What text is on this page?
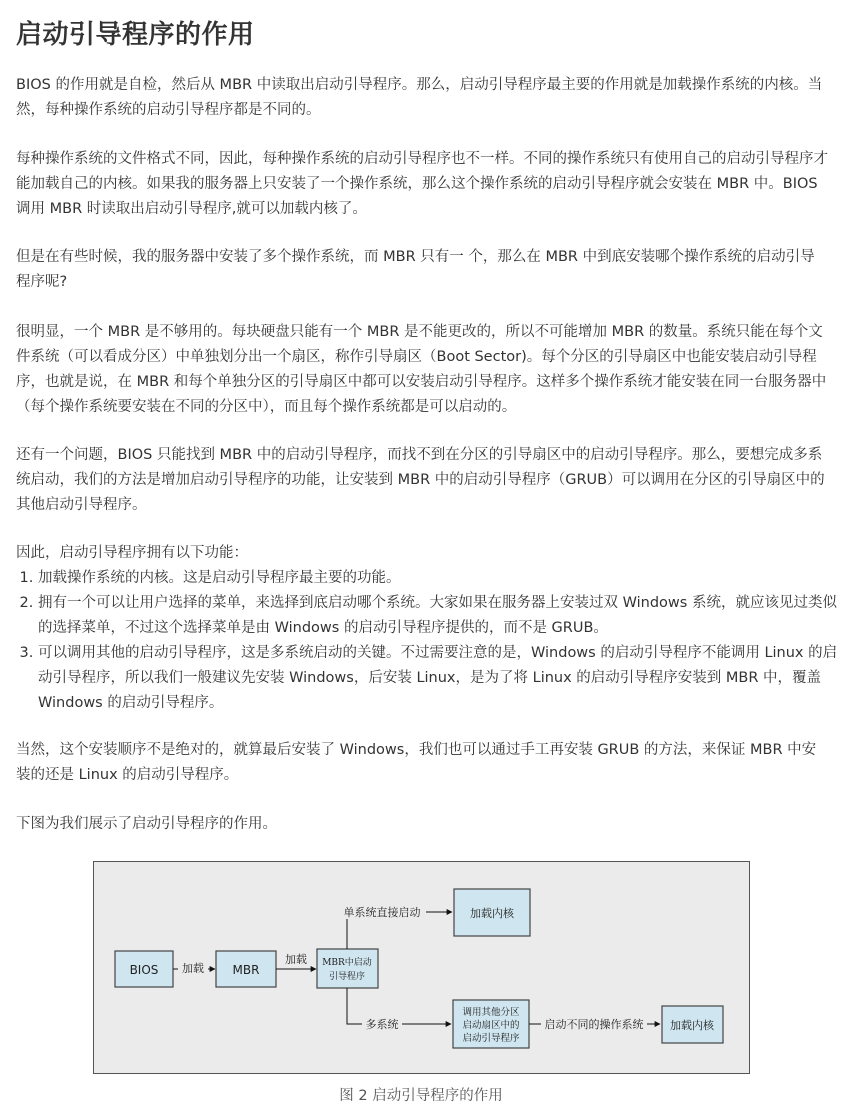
启动引导程序的作用

BIOS 的作用就是自检，然后从 MBR 中读取出启动引导程序。那么，启动引导程序最主要的作用就是加载操作系统的内核。当然，每种操作系统的启动引导程序都是不同的。

每种操作系统的文件格式不同，因此，每种操作系统的启动引导程序也不一样。不同的操作系统只有使用自己的启动引导程序才能加载自己的内核。如果我的服务器上只安装了一个操作系统，那么这个操作系统的启动引导程序就会安装在 MBR 中。BIOS 调用 MBR 时读取出启动引导程序,就可以加载内核了。

但是在有些时候，我的服务器中安装了多个操作系统，而 MBR 只有一 个，那么在 MBR 中到底安装哪个操作系统的启动引导程序呢?

很明显，一个 MBR 是不够用的。每块硬盘只能有一个 MBR 是不能更改的，所以不可能增加 MBR 的数量。系统只能在每个文件系统（可以看成分区）中单独划分出一个扇区，称作引导扇区（Boot Sector)。每个分区的引导扇区中也能安装启动引导程序，也就是说，在 MBR 和每个单独分区的引导扇区中都可以安装启动引导程序。这样多个操作系统才能安装在同一台服务器中（每个操作系统要安装在不同的分区中），而且每个操作系统都是可以启动的。

还有一个问题，BIOS 只能找到 MBR 中的启动引导程序，而找不到在分区的引导扇区中的启动引导程序。那么，要想完成多系统启动，我们的方法是增加启动引导程序的功能，让安装到 MBR 中的启动引导程序（GRUB）可以调用在分区的引导扇区中的其他启动引导程序。

因此，启动引导程序拥有以下功能：

1. 加载操作系统的内核。这是启动引导程序最主要的功能。
2. 拥有一个可以让用户选择的菜单，来选择到底启动哪个系统。大家如果在服务器上安装过双 Windows 系统，就应该见过类似的选择菜单，不过这个选择菜单是由 Windows 的启动引导程序提供的，而不是 GRUB。
3. 可以调用其他的启动引导程序，这是多系统启动的关键。不过需要注意的是，Windows 的启动引导程序不能调用 Linux 的启动引导程序，所以我们一般建议先安装 Windows，后安装 Linux，是为了将 Linux 的启动引导程序安装到 MBR 中，覆盖 Windows 的启动引导程序。

当然，这个安装顺序不是绝对的，就算最后安装了 Windows，我们也可以通过手工再安装 GRUB 的方法，来保证 MBR 中安装的还是 Linux 的启动引导程序。

下图为我们展示了启动引导程序的作用。

BIOS	MBR	MBR中启动
引导程序
加载内核
调用其他分区
启动扇区中的
启动引导程序
加载内核
加载
加载
单系统直接启动
多系统	启动不同的操作系统
图 2 启动引导程序的作用
